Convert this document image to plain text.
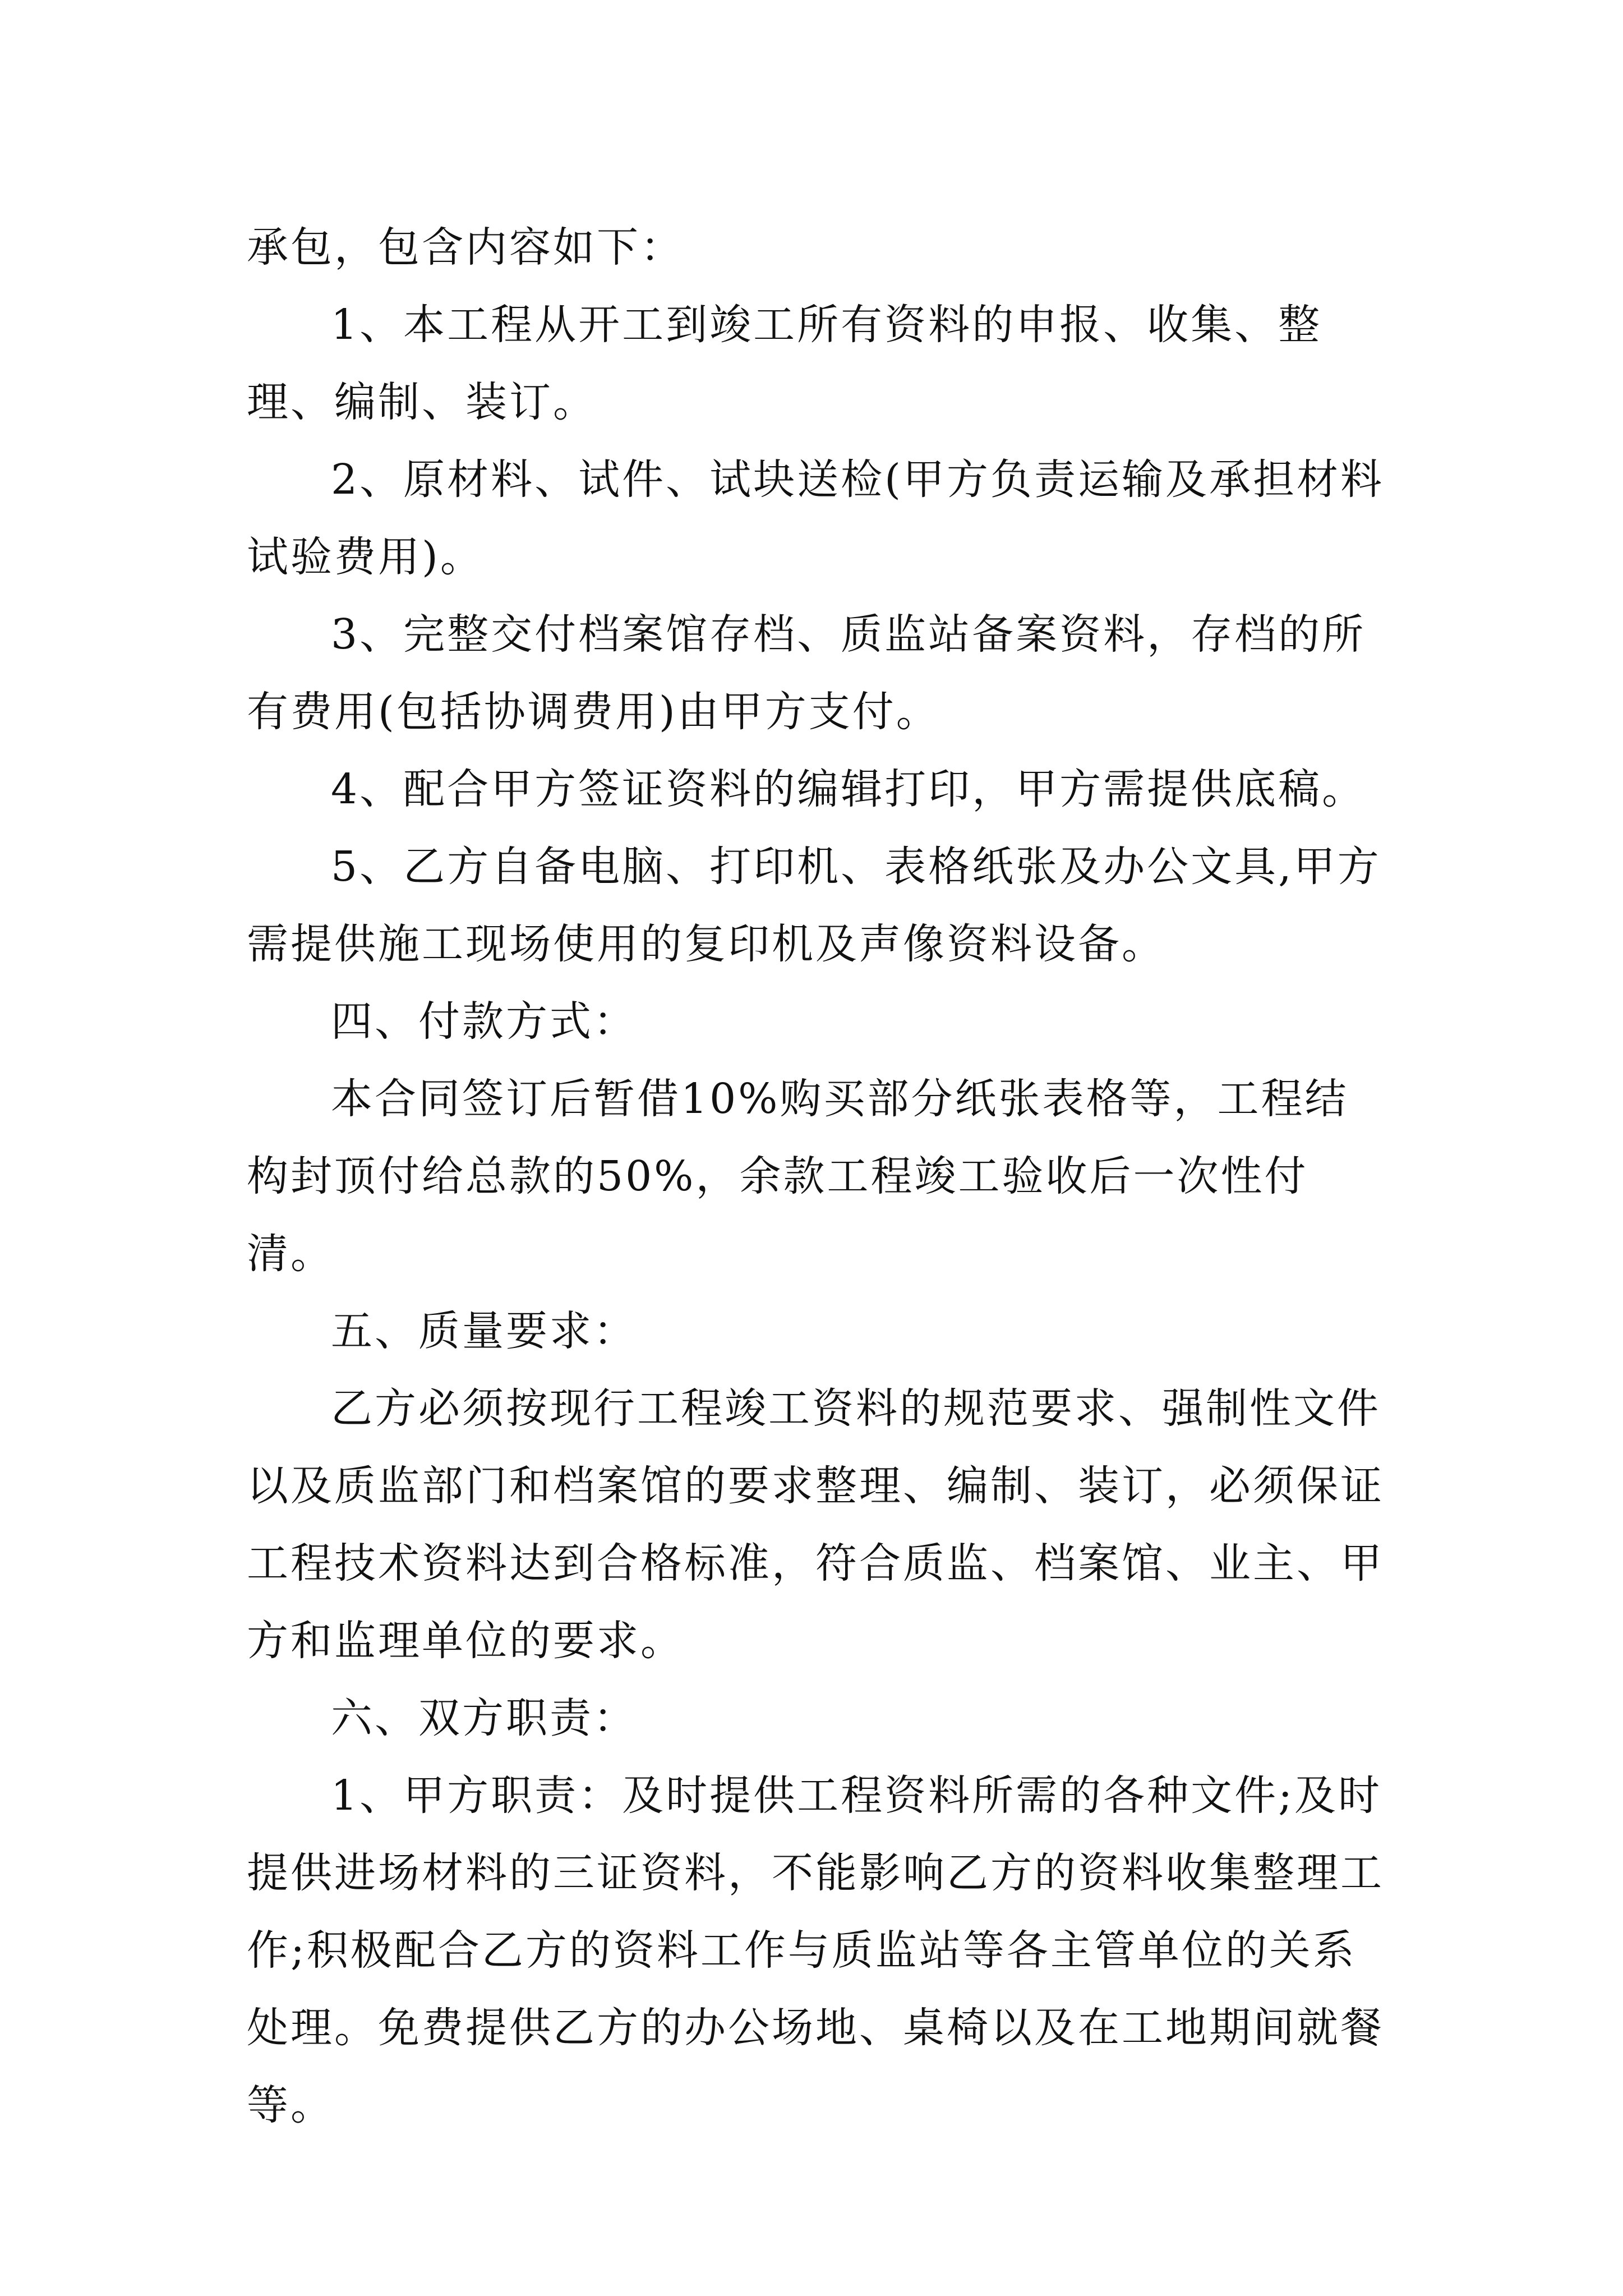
承包，包含内容如下：

1、本工程从开工到竣工所有资料的申报、收集、整理、编制、装订。

2、原材料、试件、试块送检(甲方负责运输及承担材料试验费用)。

3、完整交付档案馆存档、质监站备案资料，存档的所有费用(包括协调费用)由甲方支付。

4、配合甲方签证资料的编辑打印，甲方需提供底稿。

5、乙方自备电脑、打印机、表格纸张及办公文具,甲方需提供施工现场使用的复印机及声像资料设备。

四、付款方式：

本合同签订后暂借10%购买部分纸张表格等，工程结构封顶付给总款的50%，余款工程竣工验收后一次性付清。

五、质量要求：

乙方必须按现行工程竣工资料的规范要求、强制性文件以及质监部门和档案馆的要求整理、编制、装订，必须保证工程技术资料达到合格标准，符合质监、档案馆、业主、甲方和监理单位的要求。

六、双方职责：

1、甲方职责：及时提供工程资料所需的各种文件;及时提供进场材料的三证资料，不能影响乙方的资料收集整理工作;积极配合乙方的资料工作与质监站等各主管单位的关系处理。免费提供乙方的办公场地、桌椅以及在工地期间就餐等。
